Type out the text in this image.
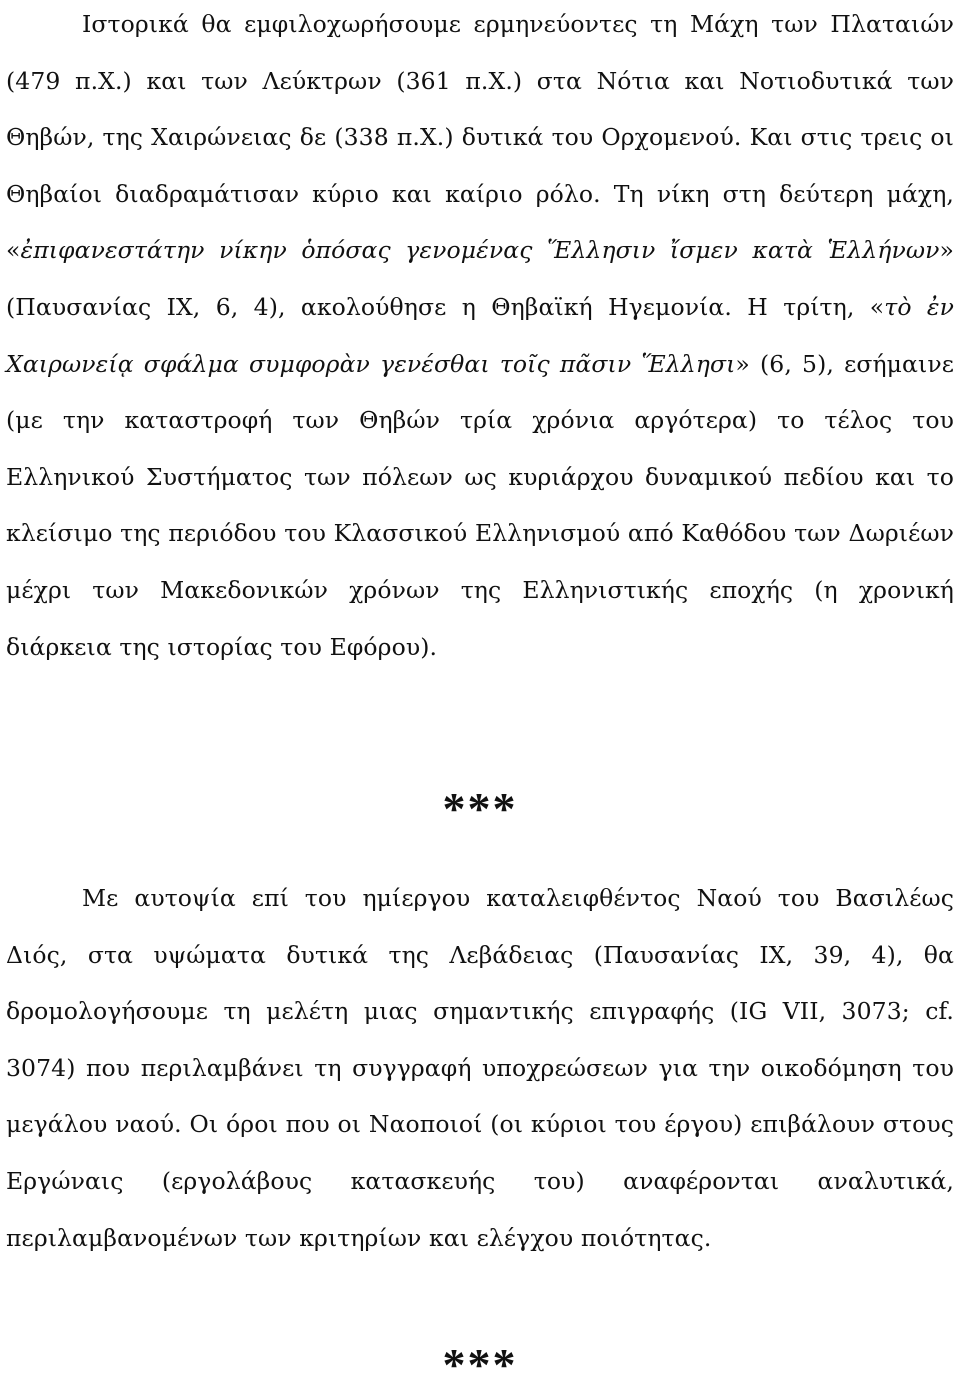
Ιστορικά θα εμφιλοχωρήσουμε ερμηνεύοντες τη Μάχη των Πλαταιών (479 π.Χ.) και των Λεύκτρων (361 π.Χ.) στα Νότια και Νοτιοδυτικά των Θηβών, της Χαιρώνειας δε (338 π.Χ.) δυτικά του Ορχομενού. Και στις τρεις οι Θηβαίοι διαδραμάτισαν κύριο και καίριο ρόλο. Τη νίκη στη δεύτερη μάχη, «ἐπιφανεστάτην νίκην ὁπόσας γενομένας Ἕλλησιν ἴσμεν κατὰ Ἑλλήνων» (Παυσανίας ΙΧ, 6, 4), ακολούθησε η Θηβαϊκή Ηγεμονία. Η τρίτη, «τὸ ἐν Χαιρωνείᾳ σφάλμα συμφορὰν γενέσθαι τοῖς πᾶσιν Ἕλλησι» (6, 5), εσήμαινε (με την καταστροφή των Θηβών τρία χρόνια αργότερα) το τέλος του Ελληνικού Συστήματος των πόλεων ως κυριάρχου δυναμικού πεδίου και το κλείσιμο της περιόδου του Κλασσικού Ελληνισμού από Καθόδου των Δωριέων μέχρι των Μακεδονικών χρόνων της Ελληνιστικής εποχής (η χρονική διάρκεια της ιστορίας του Εφόρου).

***

Με αυτοψία επί του ημίεργου καταλειφθέντος Ναού του Βασιλέως Διός, στα υψώματα δυτικά της Λεβάδειας (Παυσανίας ΙΧ, 39, 4), θα δρομολογήσουμε τη μελέτη μιας σημαντικής επιγραφής (IG VII, 3073; cf. 3074) που περιλαμβάνει τη συγγραφή υποχρεώσεων για την οικοδόμηση του μεγάλου ναού. Οι όροι που οι Ναοποιοί (οι κύριοι του έργου) επιβάλουν στους Εργώναις (εργολάβους κατασκευής του) αναφέρονται αναλυτικά, περιλαμβανομένων των κριτηρίων και ελέγχου ποιότητας.

***
